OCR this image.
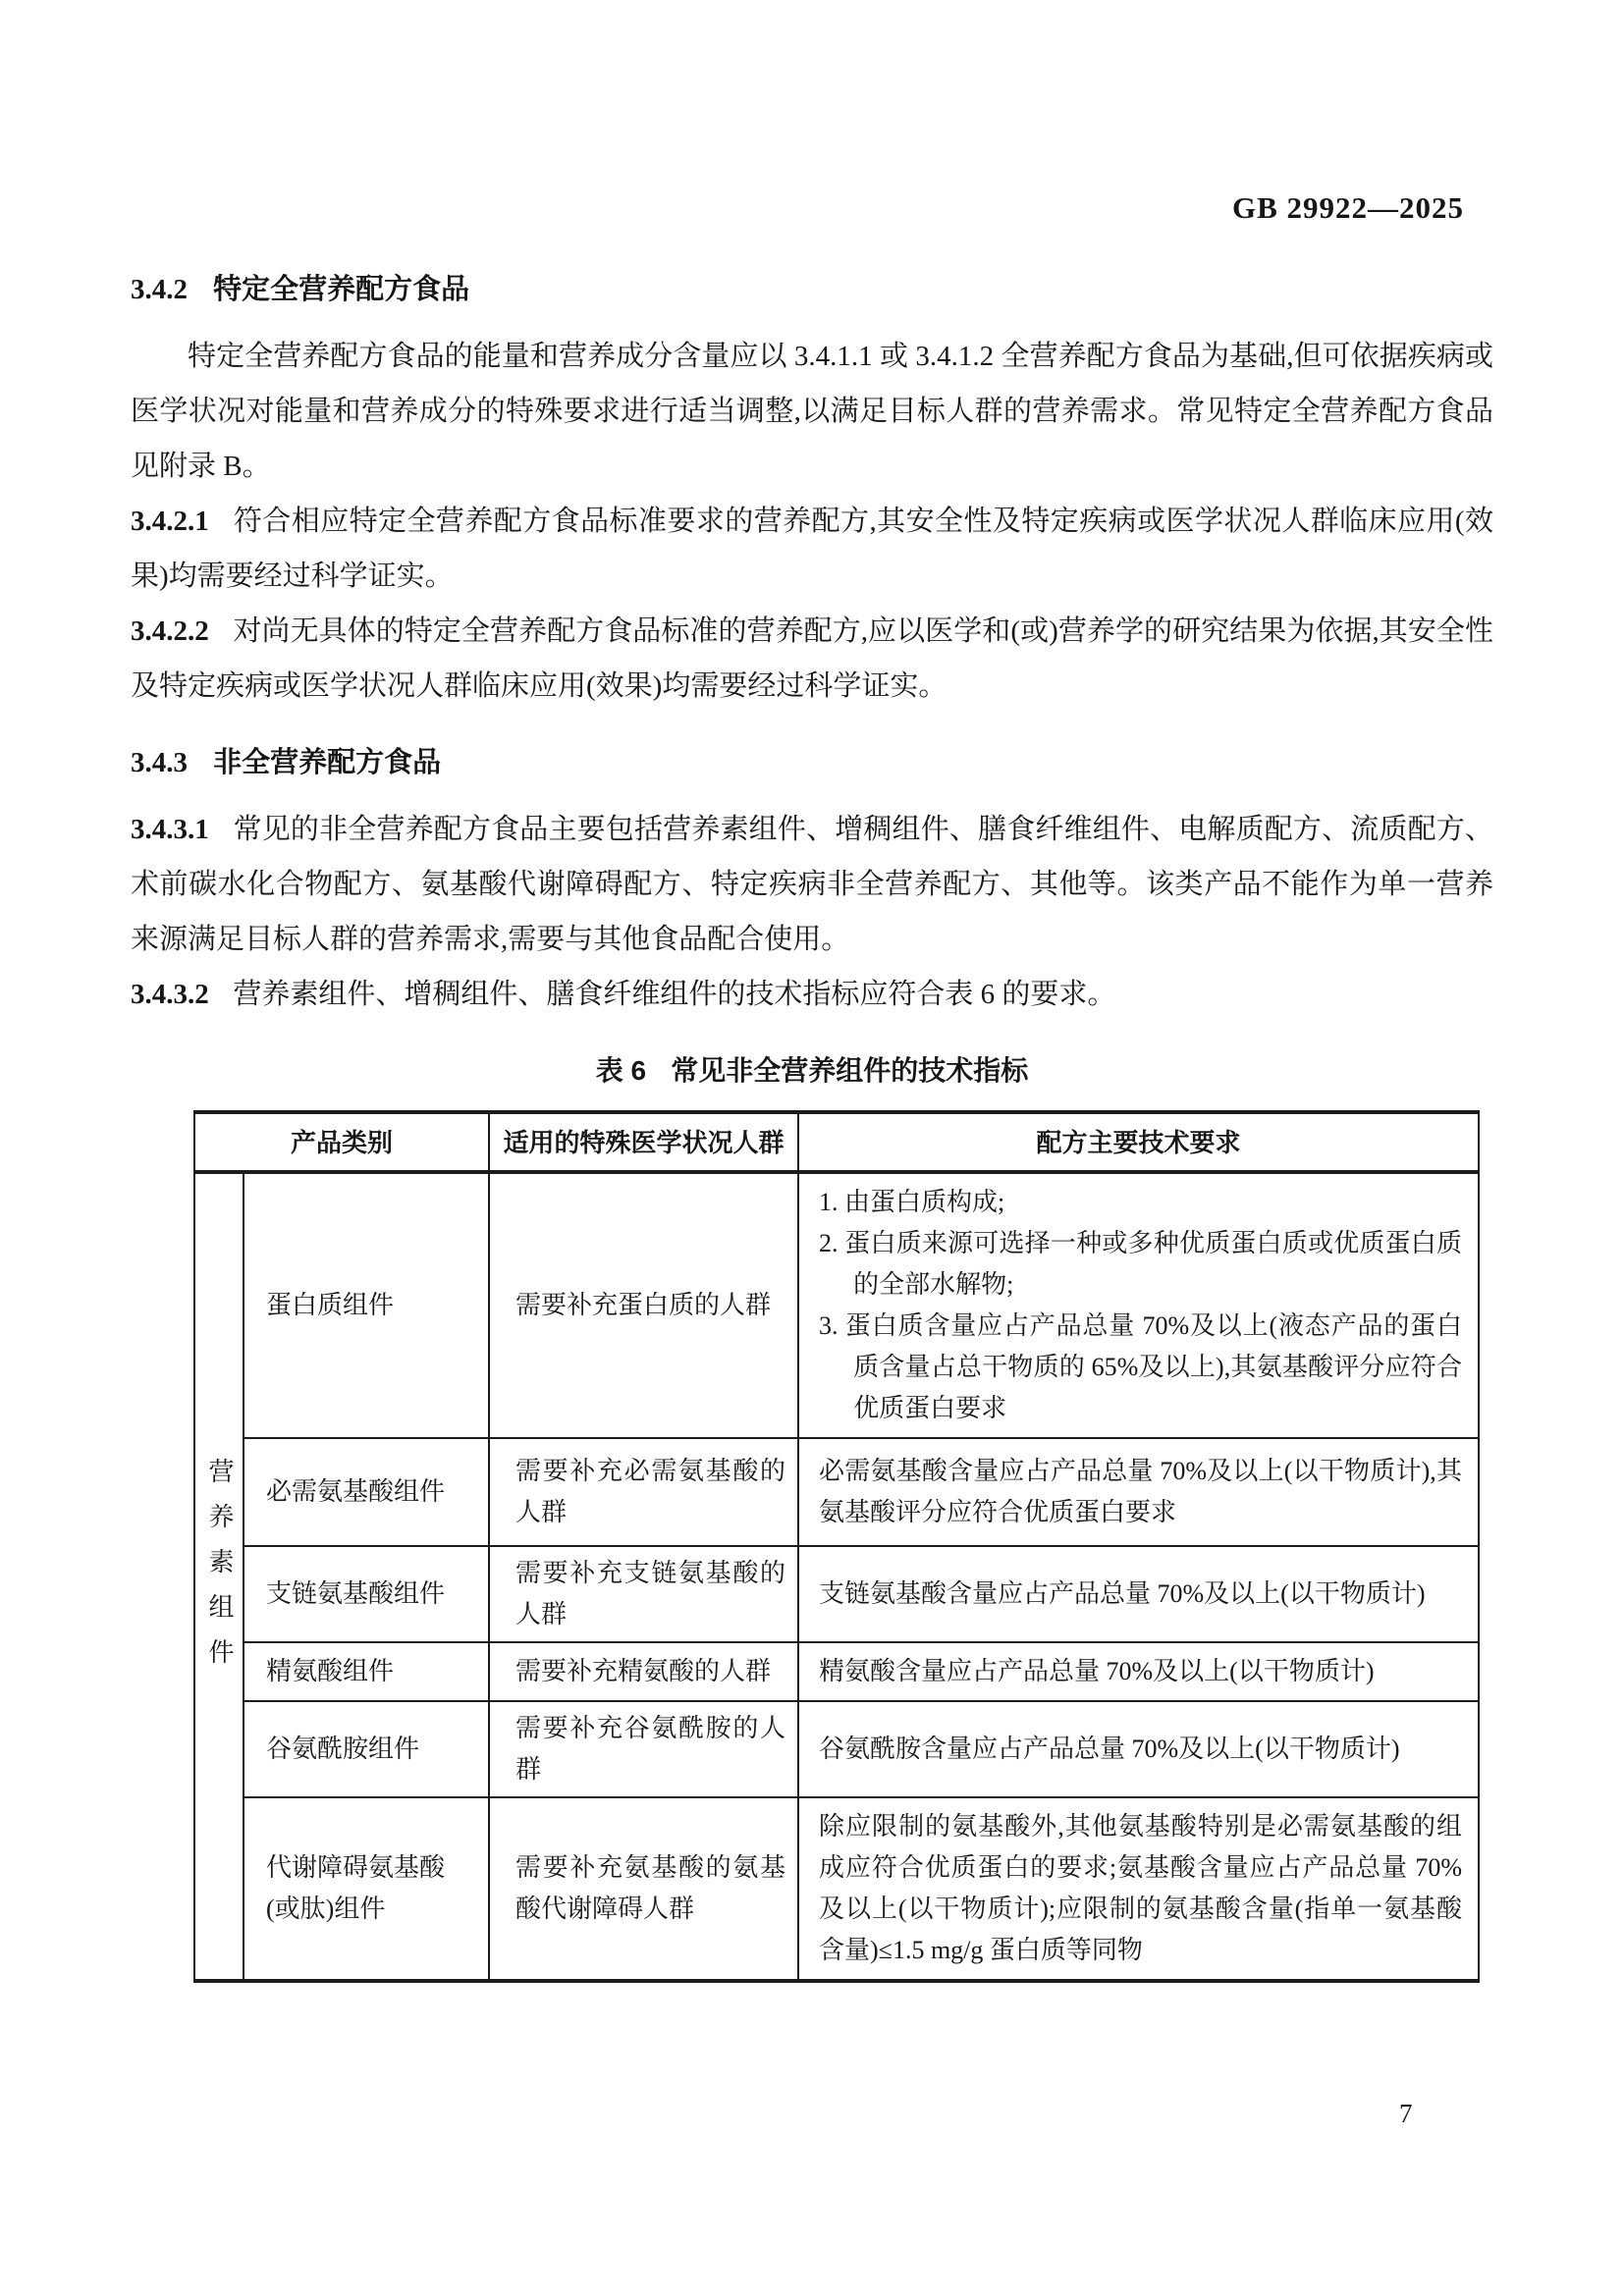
GB 29922—2025
3.4.2 特定全营养配方食品

特定全营养配方食品的能量和营养成分含量应以 3.4.1.1 或 3.4.1.2 全营养配方食品为基础,但可依据疾病或医学状况对能量和营养成分的特殊要求进行适当调整,以满足目标人群的营养需求。常见特定全营养配方食品见附录 B。

3.4.2.1 符合相应特定全营养配方食品标准要求的营养配方,其安全性及特定疾病或医学状况人群临床应用(效果)均需要经过科学证实。

3.4.2.2 对尚无具体的特定全营养配方食品标准的营养配方,应以医学和(或)营养学的研究结果为依据,其安全性及特定疾病或医学状况人群临床应用(效果)均需要经过科学证实。

3.4.3 非全营养配方食品

3.4.3.1 常见的非全营养配方食品主要包括营养素组件、增稠组件、膳食纤维组件、电解质配方、流质配方、术前碳水化合物配方、氨基酸代谢障碍配方、特定疾病非全营养配方、其他等。该类产品不能作为单一营养来源满足目标人群的营养需求,需要与其他食品配合使用。

3.4.3.2 营养素组件、增稠组件、膳食纤维组件的技术指标应符合表 6 的要求。

表 6 常见非全营养组件的技术指标
产品类别		适用的特殊医学状况人群	配方主要技术要求
营养素组件	蛋白质组件	需要补充蛋白质的人群	1. 由蛋白质构成;
2. 蛋白质来源可选择一种或多种优质蛋白质或优质蛋白质的全部水解物;
3. 蛋白质含量应占产品总量 70%及以上(液态产品的蛋白质含量占总干物质的 65%及以上),其氨基酸评分应符合优质蛋白要求

	必需氨基酸组件	需要补充必需氨基酸的人群	必需氨基酸含量应占产品总量 70%及以上(以干物质计),其氨基酸评分应符合优质蛋白要求
	支链氨基酸组件	需要补充支链氨基酸的人群	支链氨基酸含量应占产品总量 70%及以上(以干物质计)
	精氨酸组件	需要补充精氨酸的人群	精氨酸含量应占产品总量 70%及以上(以干物质计)
	谷氨酰胺组件	需要补充谷氨酰胺的人群	谷氨酰胺含量应占产品总量 70%及以上(以干物质计)
	代谢障碍氨基酸(或肽)组件	需要补充氨基酸的氨基酸代谢障碍人群	除应限制的氨基酸外,其他氨基酸特别是必需氨基酸的组成应符合优质蛋白的要求;氨基酸含量应占产品总量 70%及以上(以干物质计);应限制的氨基酸含量(指单一氨基酸含量)≤1.5 mg/g 蛋白质等同物
7
